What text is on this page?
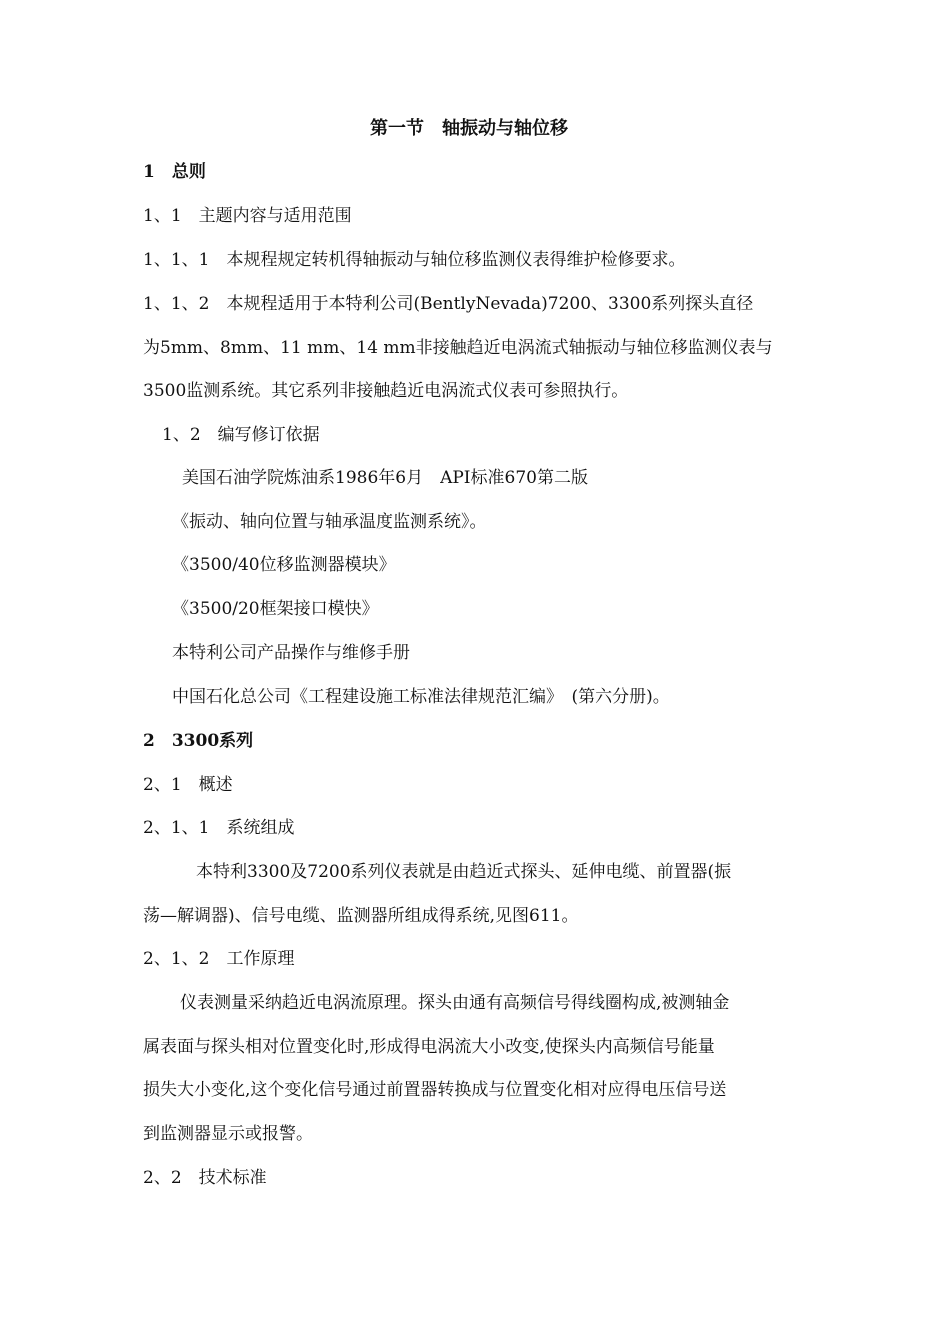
第一节　轴振动与轴位移
1　总则
1、1　主题内容与适用范围
1、1、1　本规程规定转机得轴振动与轴位移监测仪表得维护检修要求。
1、1、2　本规程适用于本特利公司(BentlyNevada)7200、3300系列探头直径
为5mm、8mm、11 mm、14 mm非接触趋近电涡流式轴振动与轴位移监测仪表与
3500监测系统。其它系列非接触趋近电涡流式仪表可参照执行。
1、2　编写修订依据
美国石油学院炼油系1986年6月　API标准670第二版
《振动、轴向位置与轴承温度监测系统》。
《3500/40位移监测器模块》
《3500/20框架接口模快》
本特利公司产品操作与维修手册
中国石化总公司《工程建设施工标准法律规范汇编》　(第六分册)。
2　3300系列
2、1　概述
2、1、1　系统组成
本特利3300及7200系列仪表就是由趋近式探头、延伸电缆、前置器(振
荡—解调器)、信号电缆、监测器所组成得系统,见图611。
2、1、2　工作原理
仪表测量采纳趋近电涡流原理。探头由通有高频信号得线圈构成,被测轴金
属表面与探头相对位置变化时,形成得电涡流大小改变,使探头内高频信号能量
损失大小变化,这个变化信号通过前置器转换成与位置变化相对应得电压信号送
到监测器显示或报警。
2、2　技术标准
